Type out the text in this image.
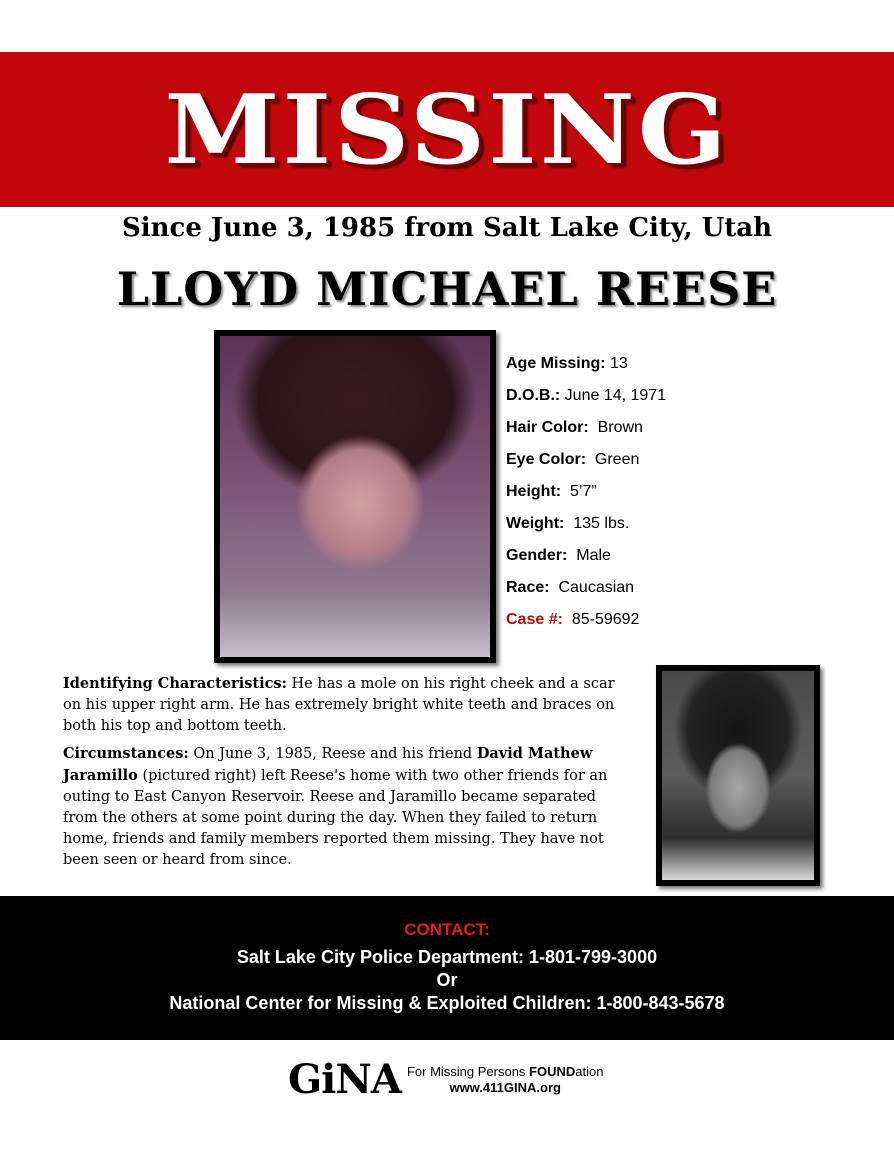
MISSING
Since June 3, 1985 from Salt Lake City, Utah
LLOYD MICHAEL REESE
Age Missing: 13
D.O.B.: June 14, 1971
Hair Color:  Brown
Eye Color:  Green
Height:  5’7”
Weight:  135 lbs.
Gender:  Male
Race:  Caucasian
Case #:  85-59692

Identifying Characteristics: He has a mole on his right cheek and a scar on his upper right arm. He has extremely bright white teeth and braces on both his top and bottom teeth.

Circumstances: On June 3, 1985, Reese and his friend David Mathew Jaramillo (pictured right) left Reese's home with two other friends for an outing to East Canyon Reservoir. Reese and Jaramillo became separated from the others at some point during the day. When they failed to return home, friends and family members reported them missing. They have not been seen or heard from since.

CONTACT:
Salt Lake City Police Department: 1-801-799-3000
Or
National Center for Missing & Exploited Children: 1-800-843-5678
GiNA For Missing Persons FOUNDation
www.411GINA.org
